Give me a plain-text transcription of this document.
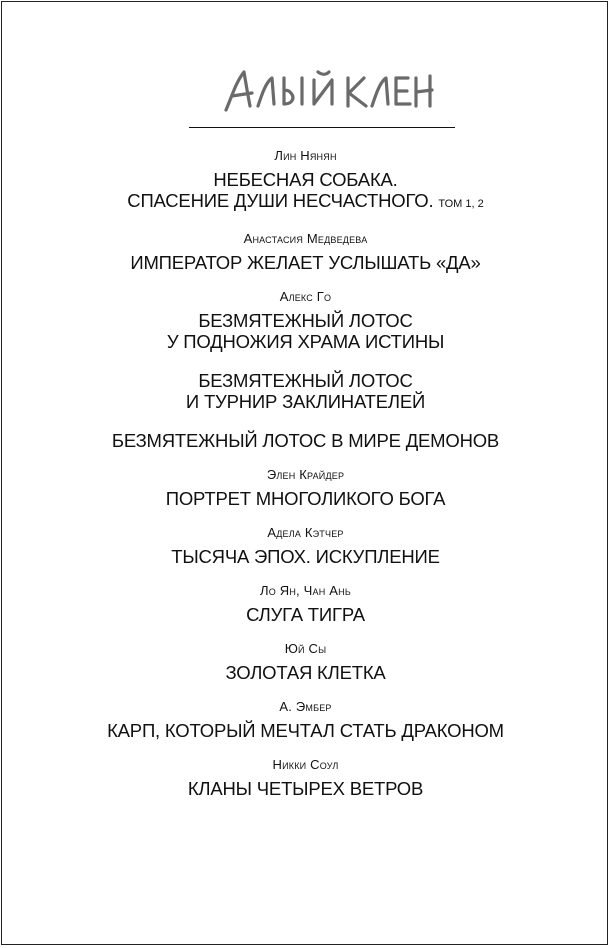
Лин Нянян
НЕБЕСНАЯ СОБАКА.
СПАСЕНИЕ ДУШИ НЕСЧАСТНОГО. ТОМ 1, 2
Анастасия Медведева
ИМПЕРАТОР ЖЕЛАЕТ УСЛЫШАТЬ «ДА»
Алекс Го
БЕЗМЯТЕЖНЫЙ ЛОТОС
У ПОДНОЖИЯ ХРАМА ИСТИНЫ
БЕЗМЯТЕЖНЫЙ ЛОТОС
И ТУРНИР ЗАКЛИНАТЕЛЕЙ
БЕЗМЯТЕЖНЫЙ ЛОТОС В МИРЕ ДЕМОНОВ
Элен Крайдер
ПОРТРЕТ МНОГОЛИКОГО БОГА
Адела Кэтчер
ТЫСЯЧА ЭПОХ. ИСКУПЛЕНИЕ
Ло Ян, Чан Ань
СЛУГА ТИГРА
Юй Сы
ЗОЛОТАЯ КЛЕТКА
А. Эмбер
КАРП, КОТОРЫЙ МЕЧТАЛ СТАТЬ ДРАКОНОМ
Никки Соул
КЛАНЫ ЧЕТЫРЕХ ВЕТРОВ
